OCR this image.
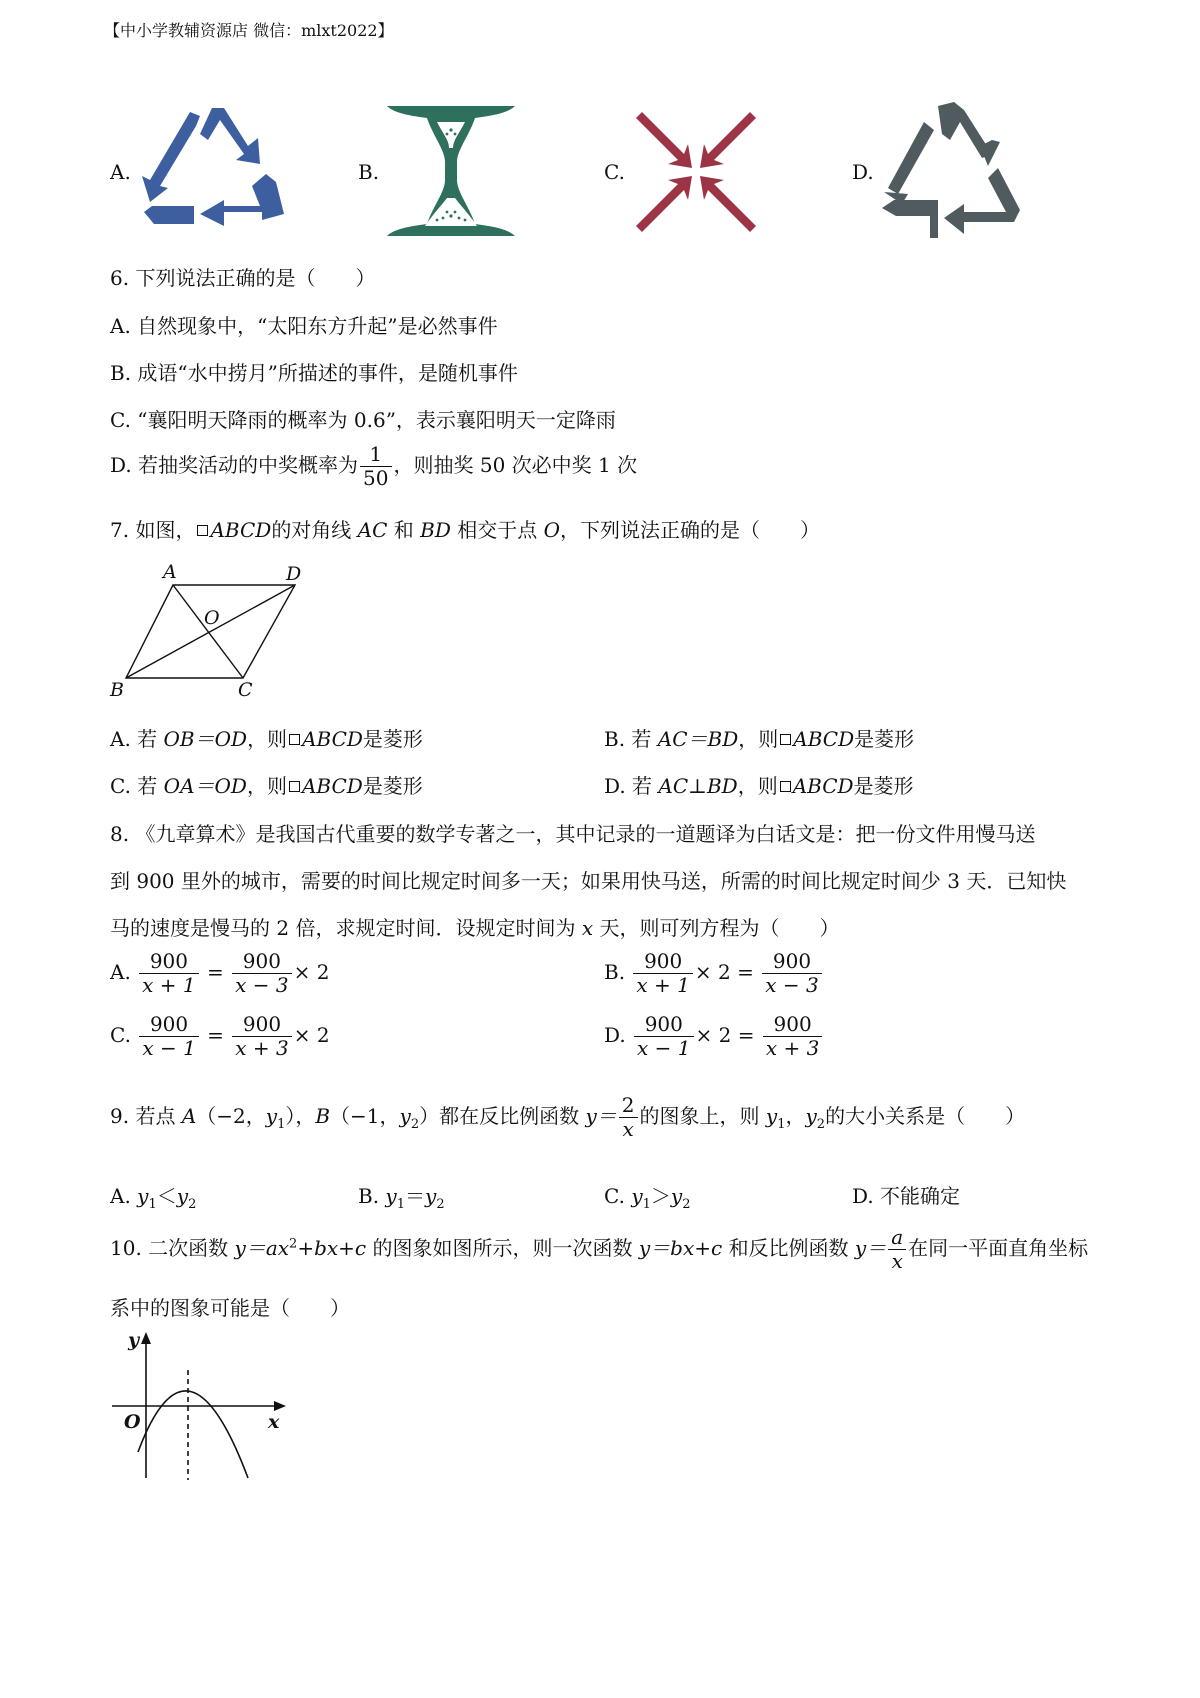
【中小学教辅资源店 微信：mlxt2022】
A.	B.	C.	D.
6. 下列说法正确的是（　　）
A. 自然现象中，“太阳东方升起”是必然事件
B. 成语“水中捞月”所描述的事件，是随机事件
C. “襄阳明天降雨的概率为 0.6”，表示襄阳明天一定降雨
D. 若抽奖活动的中奖概率为 $\frac{1}{50}$ ，则抽奖 50 次必中奖 1 次
7. 如图， ABCD的对角线 AC 和 BD 相交于点 O，下列说法正确的是（　　）
A	D
O
B	C
A. 若 OB＝OD，则 ABCD是菱形	B. 若 AC＝BD，则 ABCD是菱形
C. 若 OA＝OD，则 ABCD是菱形	D. 若 AC⊥BD，则 ABCD是菱形
8. 《九章算术》是我国古代重要的数学专著之一，其中记录的一道题译为白话文是：把一份文件用慢马送
到 900 里外的城市，需要的时间比规定时间多一天；如果用快马送，所需的时间比规定时间少 3 天．已知快
马的速度是慢马的 2 倍，求规定时间．设规定时间为 x 天，则可列方程为（　　）
A. $\frac{900}{x + 1} = \frac{900}{x - 3} \times 2$	B. $\frac{900}{x + 1} \times 2 = \frac{900}{x - 3}$
C. $\frac{900}{x - 1} = \frac{900}{x + 3} \times 2$	D. $\frac{900}{x - 1} \times 2 = \frac{900}{x + 3}$
9. 若点 A（−2，$y_1$），B（−1，$y_2$）都在反比例函数 $y= \frac{2}{x}$ 的图象上，则 $y_1$，$y_2$的大小关系是（　　）
A. $y_1<y_2$	B. $y_1=y_2$	C. $y_1>y_2$	D. 不能确定
10. 二次函数 $y=ax^2+bx+c$ 的图象如图所示，则一次函数 y＝bx+c 和反比例函数 $y= \frac{a}{x}$ 在同一平面直角坐标
系中的图象可能是（　　）
y
O	x
